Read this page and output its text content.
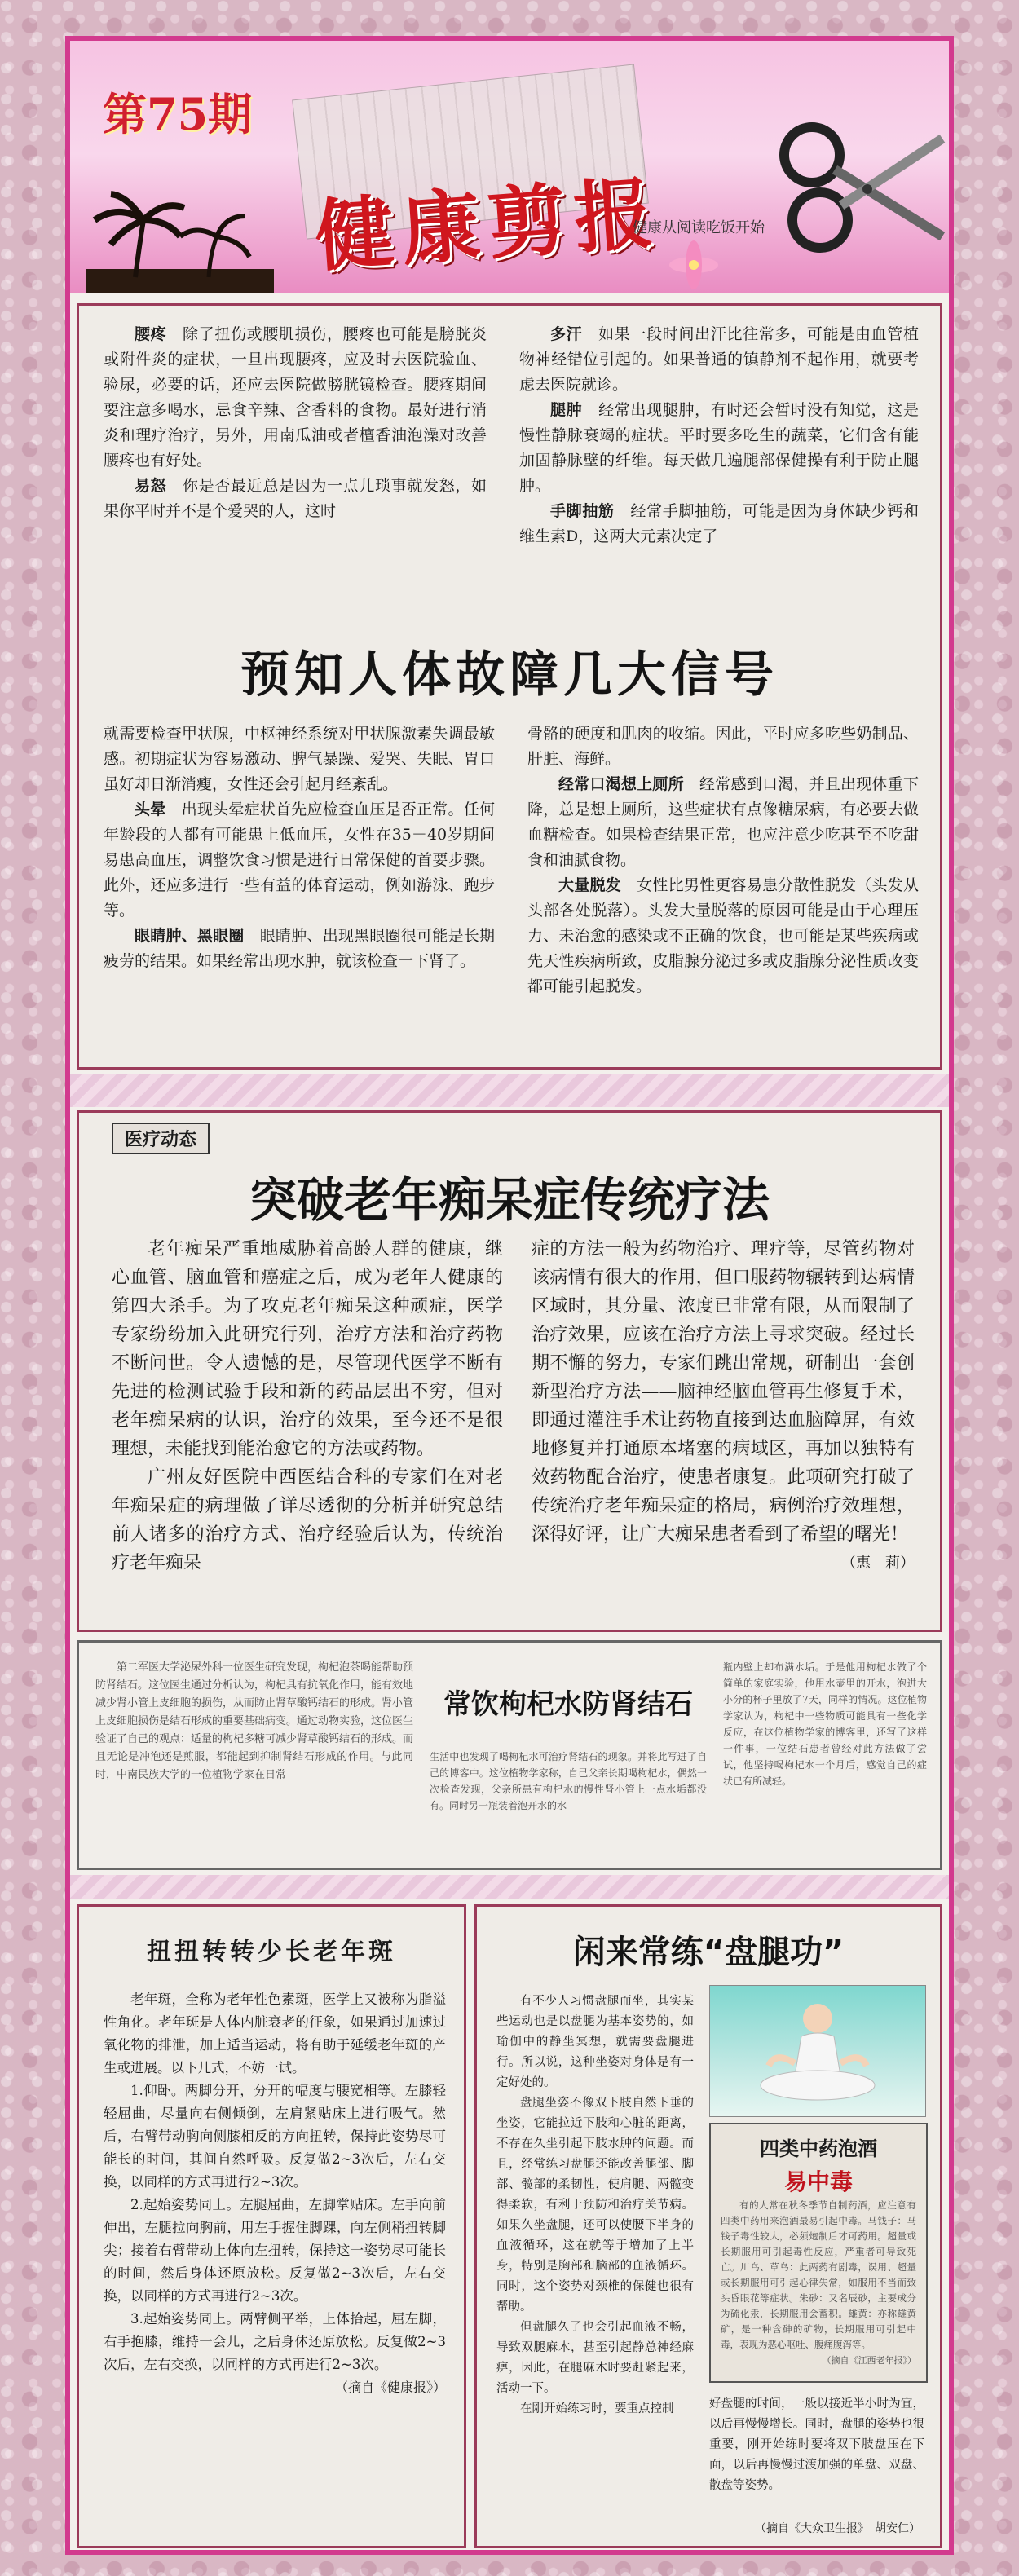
第75期
健康剪报
健康从阅读吃饭开始

腰疼　 除了扭伤或腰肌损伤，腰疼也可能是膀胱炎或附件炎的症状，一旦出现腰疼，应及时去医院验血、验尿，必要的话，还应去医院做膀胱镜检查。腰疼期间要注意多喝水，忌食辛辣、含香料的食物。最好进行消炎和理疗治疗，另外，用南瓜油或者檀香油泡澡对改善腰疼也有好处。

易怒　 你是否最近总是因为一点儿琐事就发怒，如果你平时并不是个爱哭的人，这时

多汗　 如果一段时间出汗比往常多，可能是由血管植物神经错位引起的。如果普通的镇静剂不起作用，就要考虑去医院就诊。

腿肿　 经常出现腿肿，有时还会暂时没有知觉，这是慢性静脉衰竭的症状。平时要多吃生的蔬菜，它们含有能加固静脉壁的纤维。每天做几遍腿部保健操有利于防止腿肿。

手脚抽筋　 经常手脚抽筋，可能是因为身体缺少钙和维生素D，这两大元素决定了

预知人体故障几大信号

就需要检查甲状腺，中枢神经系统对甲状腺激素失调最敏感。初期症状为容易激动、脾气暴躁、爱哭、失眠、胃口虽好却日渐消瘦，女性还会引起月经紊乱。

头晕　 出现头晕症状首先应检查血压是否正常。任何年龄段的人都有可能患上低血压，女性在35－40岁期间易患高血压，调整饮食习惯是进行日常保健的首要步骤。此外，还应多进行一些有益的体育运动，例如游泳、跑步等。

眼睛肿、黑眼圈　 眼睛肿、出现黑眼圈很可能是长期疲劳的结果。如果经常出现水肿，就该检查一下肾了。

骨骼的硬度和肌肉的收缩。因此，平时应多吃些奶制品、肝脏、海鲜。

经常口渴想上厕所　 经常感到口渴，并且出现体重下降，总是想上厕所，这些症状有点像糖尿病，有必要去做血糖检查。如果检查结果正常，也应注意少吃甚至不吃甜食和油腻食物。

大量脱发　 女性比男性更容易患分散性脱发（头发从头部各处脱落）。头发大量脱落的原因可能是由于心理压力、未治愈的感染或不正确的饮食，也可能是某些疾病或先天性疾病所致，皮脂腺分泌过多或皮脂腺分泌性质改变都可能引起脱发。

医疗动态
突破老年痴呆症传统疗法

老年痴呆严重地威胁着高龄人群的健康，继心血管、脑血管和癌症之后，成为老年人健康的第四大杀手。为了攻克老年痴呆这种顽症，医学专家纷纷加入此研究行列，治疗方法和治疗药物不断问世。令人遗憾的是，尽管现代医学不断有先进的检测试验手段和新的药品层出不穷，但对老年痴呆病的认识，治疗的效果，至今还不是很理想，未能找到能治愈它的方法或药物。

广州友好医院中西医结合科的专家们在对老年痴呆症的病理做了详尽透彻的分析并研究总结前人诸多的治疗方式、治疗经验后认为，传统治疗老年痴呆

症的方法一般为药物治疗、理疗等，尽管药物对该病情有很大的作用，但口服药物辗转到达病情区域时，其分量、浓度已非常有限，从而限制了治疗效果，应该在治疗方法上寻求突破。经过长期不懈的努力，专家们跳出常规，研制出一套创新型治疗方法——脑神经脑血管再生修复手术，即通过灌注手术让药物直接到达血脑障屏，有效地修复并打通原本堵塞的病域区，再加以独特有效药物配合治疗，使患者康复。此项研究打破了传统治疗老年痴呆症的格局，病例治疗效理想，深得好评，让广大痴呆患者看到了希望的曙光！

（惠　莉）

第二军医大学泌尿外科一位医生研究发现，枸杞泡茶喝能帮助预防肾结石。这位医生通过分析认为，枸杞具有抗氧化作用，能有效地减少肾小管上皮细胞的损伤，从而防止肾草酸钙结石的形成。肾小管上皮细胞损伤是结石形成的重要基础病变。通过动物实验，这位医生验证了自己的观点：适量的枸杞多糖可减少肾草酸钙结石的形成。而且无论是冲泡还是煎服，都能起到抑制肾结石形成的作用。与此同时，中南民族大学的一位植物学家在日常

常饮枸杞水防肾结石

生活中也发现了喝枸杞水可治疗肾结石的现象。并将此写进了自己的博客中。这位植物学家称，自己父亲长期喝枸杞水，偶然一次检查发现，父亲所患有枸杞水的慢性肾小管上一点水垢都没有。同时另一瓶装着泡开水的水

瓶内壁上却布满水垢。于是他用枸杞水做了个简单的家庭实验，他用水壶里的开水，泡进大小分的杯子里放了7天，同样的情况。这位植物学家认为，枸杞中一些物质可能具有一些化学反应，在这位植物学家的博客里，还写了这样一件事，一位结石患者曾经对此方法做了尝试，他坚持喝枸杞水一个月后，感觉自己的症状已有所减轻。

扭扭转转少长老年斑

老年斑，全称为老年性色素斑，医学上又被称为脂溢性角化。老年斑是人体内脏衰老的征象，如果通过加速过氧化物的排泄，加上适当运动，将有助于延缓老年斑的产生或进展。以下几式，不妨一试。

1.仰卧。两脚分开，分开的幅度与腰宽相等。左膝轻轻屈曲，尽量向右侧倾倒，左肩紧贴床上进行吸气。然后，右臂带动胸向侧膝相反的方向扭转，保持此姿势尽可能长的时间，其间自然呼吸。反复做2~3次后，左右交换，以同样的方式再进行2~3次。

2.起始姿势同上。左腿屈曲，左脚掌贴床。左手向前伸出，左腿拉向胸前，用左手握住脚踝，向左侧稍扭转脚尖；接着右臂带动上体向左扭转，保持这一姿势尽可能长的时间，然后身体还原放松。反复做2~3次后，左右交换，以同样的方式再进行2~3次。

3.起始姿势同上。两臂侧平举，上体拾起，屈左脚，右手抱膝，维持一会儿，之后身体还原放松。反复做2~3次后，左右交换，以同样的方式再进行2~3次。

（摘自《健康报》）
闲来常练“盘腿功”

有不少人习惯盘腿而坐，其实某些运动也是以盘腿为基本姿势的，如瑜伽中的静坐冥想，就需要盘腿进行。所以说，这种坐姿对身体是有一定好处的。

盘腿坐姿不像双下肢自然下垂的坐姿，它能拉近下肢和心脏的距离，不存在久坐引起下肢水肿的问题。而且，经常练习盘腿还能改善腿部、脚部、髋部的柔韧性，使肩腿、两髋变得柔软，有利于预防和治疗关节病。如果久坐盘腿，还可以使腰下半身的血液循环，这在就等于增加了上半身，特别是胸部和脑部的血液循环。同时，这个姿势对颈椎的保健也很有帮助。

但盘腿久了也会引起血液不畅，导致双腿麻木，甚至引起静总神经麻痹，因此，在腿麻木时要赶紧起来，活动一下。

在刚开始练习时，要重点控制

四类中药泡酒
易中毒

有的人常在秋冬季节自制药酒，应注意有四类中药用来泡酒最易引起中毒。马钱子：马钱子毒性较大，必须炮制后才可药用。超量或长期服用可引起毒性反应，严重者可导致死亡。川乌、草乌：此两药有剧毒，误用、超量或长期服用可引起心律失常，如服用不当而致头昏眼花等症状。朱砂：又名辰砂，主要成分为硫化汞，长期服用会蓄积。雄黄：亦称雄黄矿，是一种含砷的矿物，长期服用可引起中毒，表现为恶心呕吐、腹痛腹泻等。

（摘自《江西老年报》）

好盘腿的时间，一般以接近半小时为宜，以后再慢慢增长。同时，盘腿的姿势也很重要，刚开始练时要将双下肢盘压在下面，以后再慢慢过渡加强的单盘、双盘、散盘等姿势。

（摘自《大众卫生报》　胡安仁）
